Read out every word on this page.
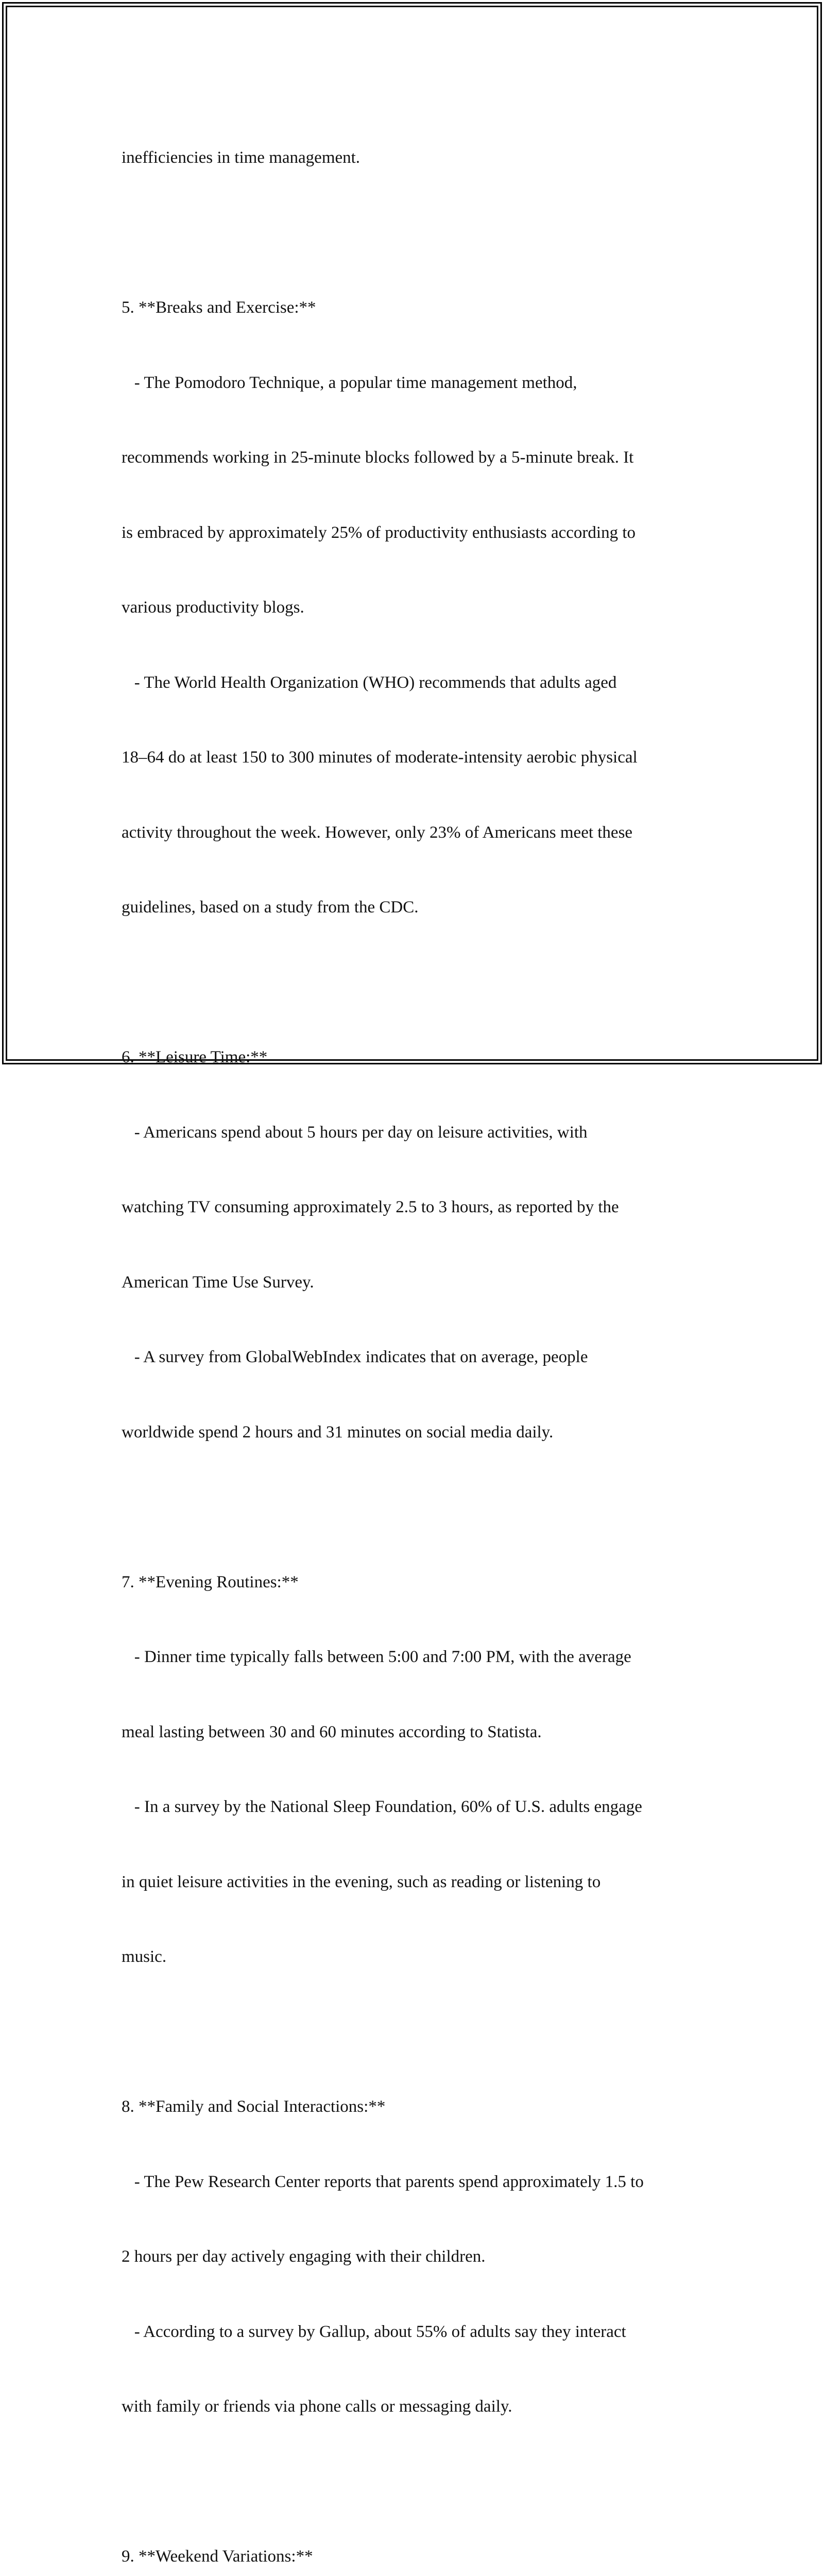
inefficiencies in time management.

5. **Breaks and Exercise:**

- The Pomodoro Technique, a popular time management method,

recommends working in 25-minute blocks followed by a 5-minute break. It

is embraced by approximately 25% of productivity enthusiasts according to

various productivity blogs.

- The World Health Organization (WHO) recommends that adults aged

18–64 do at least 150 to 300 minutes of moderate-intensity aerobic physical

activity throughout the week. However, only 23% of Americans meet these

guidelines, based on a study from the CDC.

6. **Leisure Time:**

- Americans spend about 5 hours per day on leisure activities, with

watching TV consuming approximately 2.5 to 3 hours, as reported by the

American Time Use Survey.

- A survey from GlobalWebIndex indicates that on average, people

worldwide spend 2 hours and 31 minutes on social media daily.

7. **Evening Routines:**

- Dinner time typically falls between 5:00 and 7:00 PM, with the average

meal lasting between 30 and 60 minutes according to Statista.

- In a survey by the National Sleep Foundation, 60% of U.S. adults engage

in quiet leisure activities in the evening, such as reading or listening to

music.

8. **Family and Social Interactions:**

- The Pew Research Center reports that parents spend approximately 1.5 to

2 hours per day actively engaging with their children.

- According to a survey by Gallup, about 55% of adults say they interact

with family or friends via phone calls or messaging daily.

9. **Weekend Variations:**
